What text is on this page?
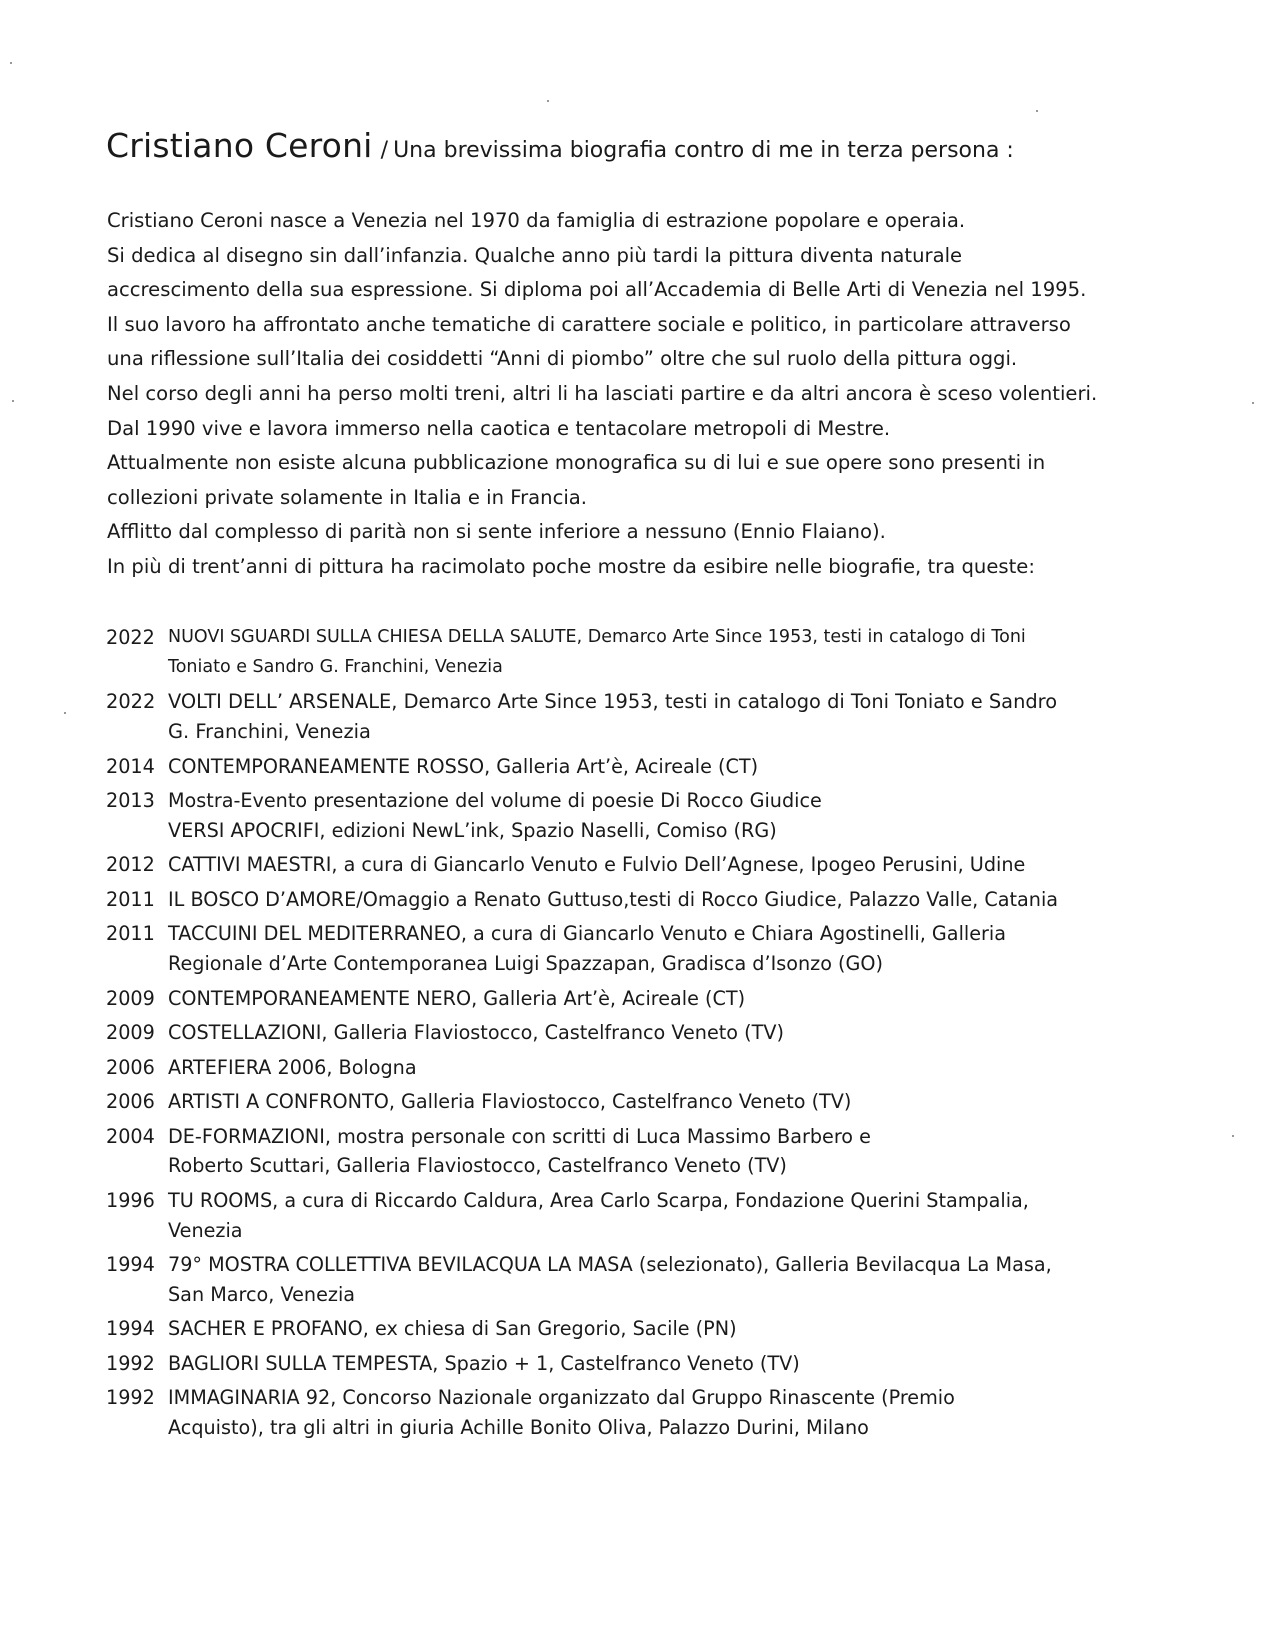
Cristiano Ceroni / Una brevissima biografia contro di me in terza persona :
Cristiano Ceroni nasce a Venezia nel 1970 da famiglia di estrazione popolare e operaia.
Si dedica al disegno sin dall’infanzia. Qualche anno più tardi la pittura diventa naturale
accrescimento della sua espressione. Si diploma poi all’Accademia di Belle Arti di Venezia nel 1995.
Il suo lavoro ha affrontato anche tematiche di carattere sociale e politico, in particolare attraverso
una riflessione sull’Italia dei cosiddetti “Anni di piombo” oltre che sul ruolo della pittura oggi.
Nel corso degli anni ha perso molti treni, altri li ha lasciati partire e da altri ancora è sceso volentieri.
Dal 1990 vive e lavora immerso nella caotica e tentacolare metropoli di Mestre.
Attualmente non esiste alcuna pubblicazione monografica su di lui e sue opere sono presenti in
collezioni private solamente in Italia e in Francia.
Afflitto dal complesso di parità non si sente inferiore a nessuno (Ennio Flaiano).
In più di trent’anni di pittura ha racimolato poche mostre da esibire nelle biografie, tra queste:
2022 NUOVI SGUARDI SULLA CHIESA DELLA SALUTE, Demarco Arte Since 1953, testi in catalogo di Toni
Toniato e Sandro G. Franchini, Venezia
2022 VOLTI DELL’ ARSENALE, Demarco Arte Since 1953, testi in catalogo di Toni Toniato e Sandro
G. Franchini, Venezia
2014 CONTEMPORANEAMENTE ROSSO, Galleria Art’è, Acireale (CT)
2013 Mostra-Evento presentazione del volume di poesie Di Rocco Giudice
VERSI APOCRIFI, edizioni NewL’ink, Spazio Naselli, Comiso (RG)
2012 CATTIVI MAESTRI, a cura di Giancarlo Venuto e Fulvio Dell’Agnese, Ipogeo Perusini, Udine
2011 IL BOSCO D’AMORE/Omaggio a Renato Guttuso,testi di Rocco Giudice, Palazzo Valle, Catania
2011 TACCUINI DEL MEDITERRANEO, a cura di Giancarlo Venuto e Chiara Agostinelli, Galleria
Regionale d’Arte Contemporanea Luigi Spazzapan, Gradisca d’Isonzo (GO)
2009 CONTEMPORANEAMENTE NERO, Galleria Art’è, Acireale (CT)
2009 COSTELLAZIONI, Galleria Flaviostocco, Castelfranco Veneto (TV)
2006 ARTEFIERA 2006, Bologna
2006 ARTISTI A CONFRONTO, Galleria Flaviostocco, Castelfranco Veneto (TV)
2004 DE-FORMAZIONI, mostra personale con scritti di Luca Massimo Barbero e
Roberto Scuttari, Galleria Flaviostocco, Castelfranco Veneto (TV)
1996 TU ROOMS, a cura di Riccardo Caldura, Area Carlo Scarpa, Fondazione Querini Stampalia,
Venezia
1994 79° MOSTRA COLLETTIVA BEVILACQUA LA MASA (selezionato), Galleria Bevilacqua La Masa,
San Marco, Venezia
1994 SACHER E PROFANO, ex chiesa di San Gregorio, Sacile (PN)
1992 BAGLIORI SULLA TEMPESTA, Spazio + 1, Castelfranco Veneto (TV)
1992 IMMAGINARIA 92, Concorso Nazionale organizzato dal Gruppo Rinascente (Premio
Acquisto), tra gli altri in giuria Achille Bonito Oliva, Palazzo Durini, Milano
